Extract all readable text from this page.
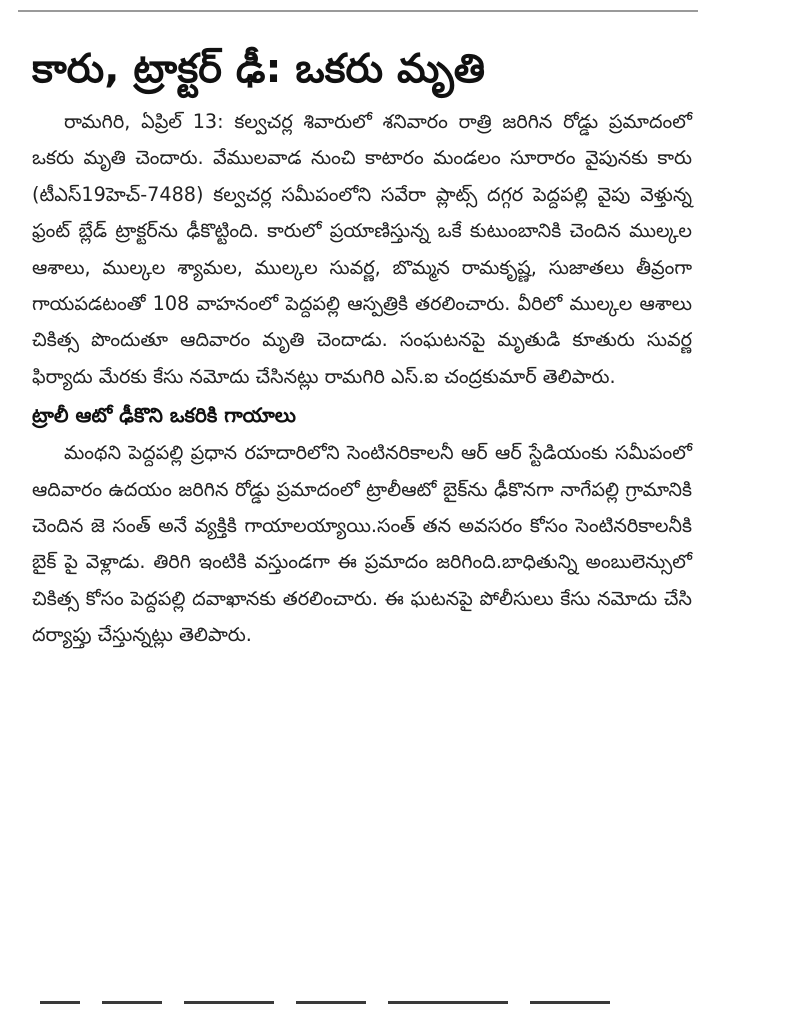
కారు, ట్రాక్టర్ ఢీ: ఒకరు మృతి

రామగిరి, ఏప్రిల్ 13: కల్వచర్ల శివారులో శనివారం రాత్రి జరిగిన రోడ్డు ప్రమాదంలో ఒకరు మృతి చెందారు. వేములవాడ నుంచి కాటారం మండలం సూరారం వైపునకు కారు (టీఎస్19హెచ్-7488) కల్వచర్ల సమీపంలోని సవేరా ప్లాట్స్ దగ్గర పెద్దపల్లి వైపు వెళ్తున్న ఫ్రంట్ బ్లేడ్ ట్రాక్టర్‌ను ఢీకొట్టింది. కారులో ప్రయాణిస్తున్న ఒకే కుటుంబానికి చెందిన ముల్కల ఆశాలు, ముల్కల శ్యామల, ముల్కల సువర్ణ, బొమ్మన రామకృష్ణ, సుజాతలు తీవ్రంగా గాయపడటంతో 108 వాహనంలో పెద్దపల్లి ఆస్పత్రికి తరలించారు. వీరిలో ముల్కల ఆశాలు చికిత్స పొందుతూ ఆదివారం మృతి చెందాడు. సంఘటనపై మృతుడి కూతురు సువర్ణ ఫిర్యాదు మేరకు కేసు నమోదు చేసినట్లు రామగిరి ఎస్.ఐ చంద్రకుమార్ తెలిపారు.

ట్రాలీ ఆటో ఢీకొని ఒకరికి గాయాలు

మంథని పెద్దపల్లి ప్రధాన రహదారిలోని సెంటినరికాలనీ ఆర్ ఆర్ స్టేడియంకు సమీపంలో ఆదివారం ఉదయం జరిగిన రోడ్డు ప్రమాదంలో ట్రాలీఆటో బైక్‌ను ఢీకొనగా నాగేపల్లి గ్రామానికి చెందిన జె సంత్ అనే వ్యక్తికి గాయాలయ్యాయి.సంత్ తన అవసరం కోసం సెంటినరికాలనీకి బైక్ పై వెళ్లాడు. తిరిగి ఇంటికి వస్తుండగా ఈ ప్రమాదం జరిగింది.బాధితున్ని అంబులెన్సులో చికిత్స కోసం పెద్దపల్లి దవాఖానకు తరలించారు. ఈ ఘటనపై పోలీసులు కేసు నమోదు చేసి దర్యాప్తు చేస్తున్నట్లు తెలిపారు.
